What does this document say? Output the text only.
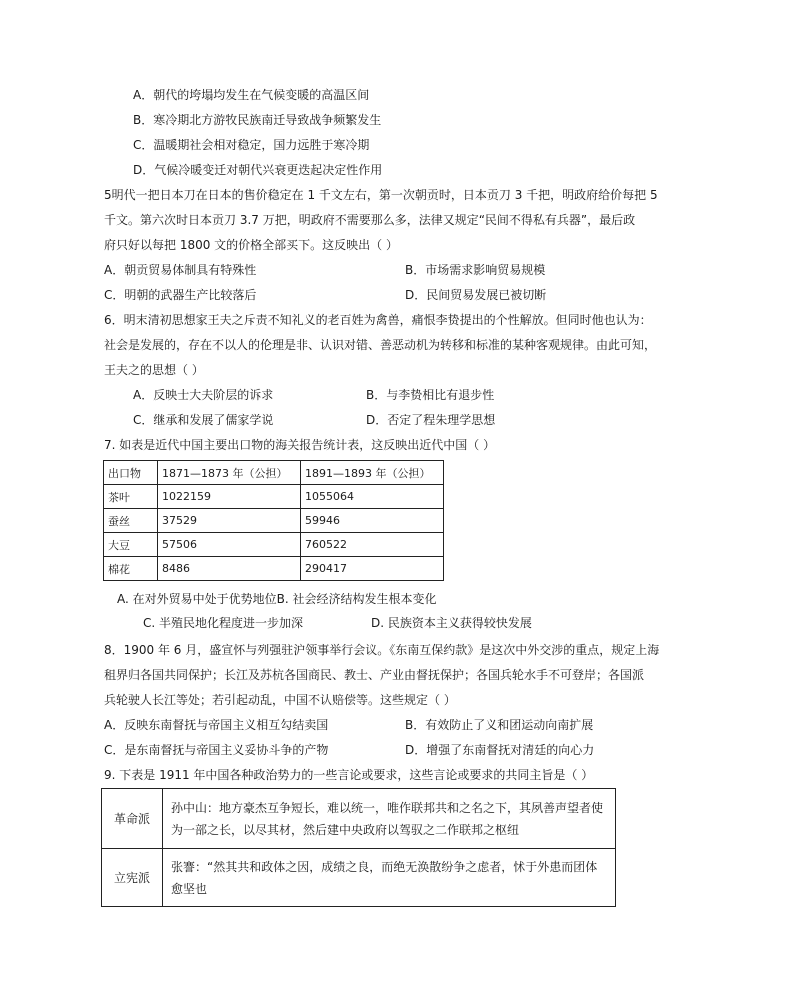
A．朝代的垮塌均发生在气候变暖的高温区间
B．寒冷期北方游牧民族南迁导致战争频繁发生
C．温暖期社会相对稳定，国力远胜于寒冷期
D．气候冷暖变迁对朝代兴衰更迭起决定性作用
5明代一把日本刀在日本的售价稳定在 1 千文左右，第一次朝贡时，日本贡刀 3 千把，明政府给价每把 5
千文。第六次时日本贡刀 3.7 万把，明政府不需要那么多，法律又规定“民间不得私有兵器”，最后政
府只好以每把 1800 文的价格全部买下。这反映出（ ）
A．朝贡贸易体制具有特殊性	B．市场需求影响贸易规模
C．明朝的武器生产比较落后	D．民间贸易发展已被切断
6．明末清初思想家王夫之斥责不知礼义的老百姓为禽兽，痛恨李贽提出的个性解放。但同时他也认为：
社会是发展的，存在不以人的伦理是非、认识对错、善恶动机为转移和标准的某种客观规律。由此可知，
王夫之的思想（ ）
A．反映士大夫阶层的诉求	B．与李贽相比有退步性
C．继承和发展了儒家学说	D．否定了程朱理学思想
7. 如表是近代中国主要出口物的海关报告统计表，这反映出近代中国（ ）
出口物	1871—1873 年（公担）	1891—1893 年（公担）
茶叶	1022159	1055064
蚕丝	37529	59946
大豆	57506	760522
棉花	8486	290417
A. 在对外贸易中处于优势地位B. 社会经济结构发生根本变化
C. 半殖民地化程度进一步加深	D. 民族资本主义获得较快发展
8．1900 年 6 月，盛宣怀与列强驻沪领事举行会议。《东南互保约款》是这次中外交涉的重点，规定上海
租界归各国共同保护；长江及苏杭各国商民、教士、产业由督抚保护；各国兵轮水手不可登岸；各国派
兵轮驶人长江等处；若引起动乱，中国不认赔偿等。这些规定（ ）
A．反映东南督抚与帝国主义相互勾结卖国	B．有效防止了义和团运动向南扩展
C．是东南督抚与帝国主义妥协斗争的产物	D．增强了东南督抚对清廷的向心力
9. 下表是 1911 年中国各种政治势力的一些言论或要求，这些言论或要求的共同主旨是（ ）
革命派	孙中山：地方豪杰互争短长，难以统一，唯作联邦共和之名之下，其夙善声望者使为一部之长，以尽其材，然后建中央政府以驾驭之二作联邦之枢纽
立宪派	张謇：“然其共和政体之因，成绩之良，而绝无涣散纷争之虑者，怵于外患而团体愈坚也
